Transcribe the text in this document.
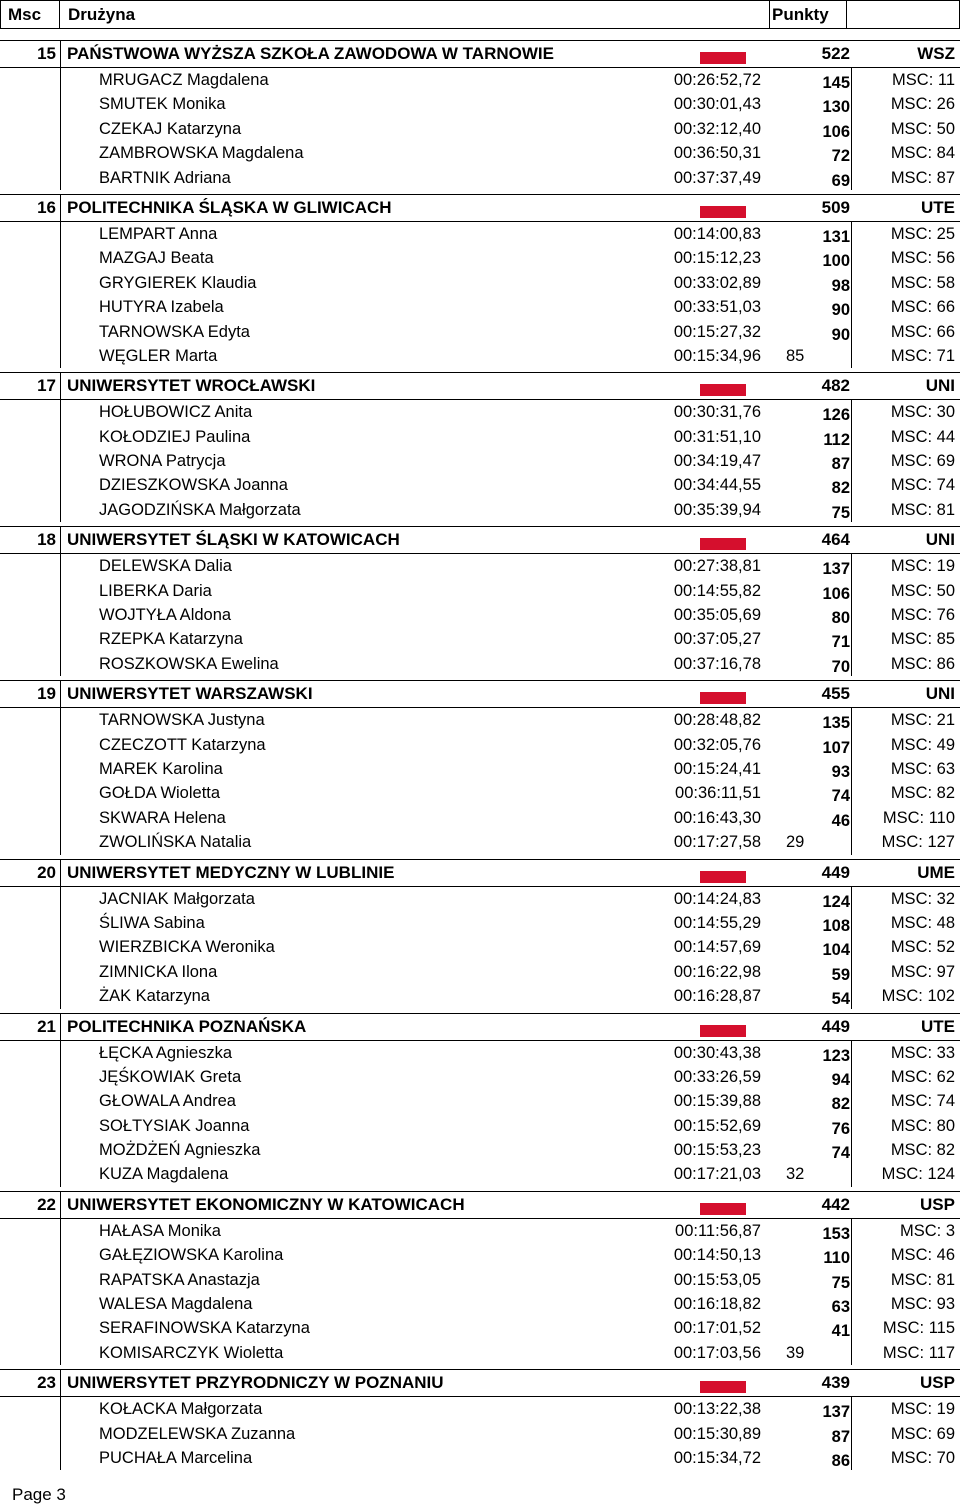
Msc Drużyna	Punkty
15 PAŃSTWOWA WYŻSZA SZKOŁA ZAWODOWA W TARNOWIE	522	WSZ
MRUGACZ Magdalena	00:26:52,72	145	MSC: 11
SMUTEK Monika	00:30:01,43	130	MSC: 26
CZEKAJ Katarzyna	00:32:12,40	106	MSC: 50
ZAMBROWSKA Magdalena	00:36:50,31	72	MSC: 84
BARTNIK Adriana	00:37:37,49	69	MSC: 87
16 POLITECHNIKA ŚLĄSKA W GLIWICACH	509	UTE
LEMPART Anna	00:14:00,83	131	MSC: 25
MAZGAJ Beata	00:15:12,23	100	MSC: 56
GRYGIEREK Klaudia	00:33:02,89	98	MSC: 58
HUTYRA Izabela	00:33:51,03	90	MSC: 66
TARNOWSKA Edyta	00:15:27,32	90	MSC: 66
WĘGLER Marta	00:15:34,96 85	MSC: 71
17 UNIWERSYTET WROCŁAWSKI	482	UNI
HOŁUBOWICZ Anita	00:30:31,76	126	MSC: 30
KOŁODZIEJ Paulina	00:31:51,10	112	MSC: 44
WRONA Patrycja	00:34:19,47	87	MSC: 69
DZIESZKOWSKA Joanna	00:34:44,55	82	MSC: 74
JAGODZIŃSKA Małgorzata	00:35:39,94	75	MSC: 81
18 UNIWERSYTET ŚLĄSKI W KATOWICACH	464	UNI
DELEWSKA Dalia	00:27:38,81	137	MSC: 19
LIBERKA Daria	00:14:55,82	106	MSC: 50
WOJTYŁA Aldona	00:35:05,69	80	MSC: 76
RZEPKA Katarzyna	00:37:05,27	71	MSC: 85
ROSZKOWSKA Ewelina	00:37:16,78	70	MSC: 86
19 UNIWERSYTET WARSZAWSKI	455	UNI
TARNOWSKA Justyna	00:28:48,82	135	MSC: 21
CZECZOTT Katarzyna	00:32:05,76	107	MSC: 49
MAREK Karolina	00:15:24,41	93	MSC: 63
GOŁDA Wioletta	00:36:11,51	74	MSC: 82
SKWARA Helena	00:16:43,30	46	MSC: 110
ZWOLIŃSKA Natalia	00:17:27,58 29	MSC: 127
20 UNIWERSYTET MEDYCZNY W LUBLINIE	449	UME
JACNIAK Małgorzata	00:14:24,83	124	MSC: 32
ŚLIWA Sabina	00:14:55,29	108	MSC: 48
WIERZBICKA Weronika	00:14:57,69	104	MSC: 52
ZIMNICKA Ilona	00:16:22,98	59	MSC: 97
ŻAK Katarzyna	00:16:28,87	54	MSC: 102
21 POLITECHNIKA POZNAŃSKA	449	UTE
ŁĘCKA Agnieszka	00:30:43,38	123	MSC: 33
JĘŚKOWIAK Greta	00:33:26,59	94	MSC: 62
GŁOWALA Andrea	00:15:39,88	82	MSC: 74
SOŁTYSIAK Joanna	00:15:52,69	76	MSC: 80
MOŻDŻEŃ Agnieszka	00:15:53,23	74	MSC: 82
KUZA Magdalena	00:17:21,03 32	MSC: 124
22 UNIWERSYTET EKONOMICZNY W KATOWICACH	442	USP
HAŁASA Monika	00:11:56,87	153	MSC: 3
GAŁĘZIOWSKA Karolina	00:14:50,13	110	MSC: 46
RAPATSKA Anastazja	00:15:53,05	75	MSC: 81
WALESA Magdalena	00:16:18,82	63	MSC: 93
SERAFINOWSKA Katarzyna	00:17:01,52	41	MSC: 115
KOMISARCZYK Wioletta	00:17:03,56 39	MSC: 117
23 UNIWERSYTET PRZYRODNICZY W POZNANIU	439	USP
KOŁACKA Małgorzata	00:13:22,38	137	MSC: 19
MODZELEWSKA Zuzanna	00:15:30,89	87	MSC: 69
PUCHAŁA Marcelina	00:15:34,72	86	MSC: 70
Page 3
